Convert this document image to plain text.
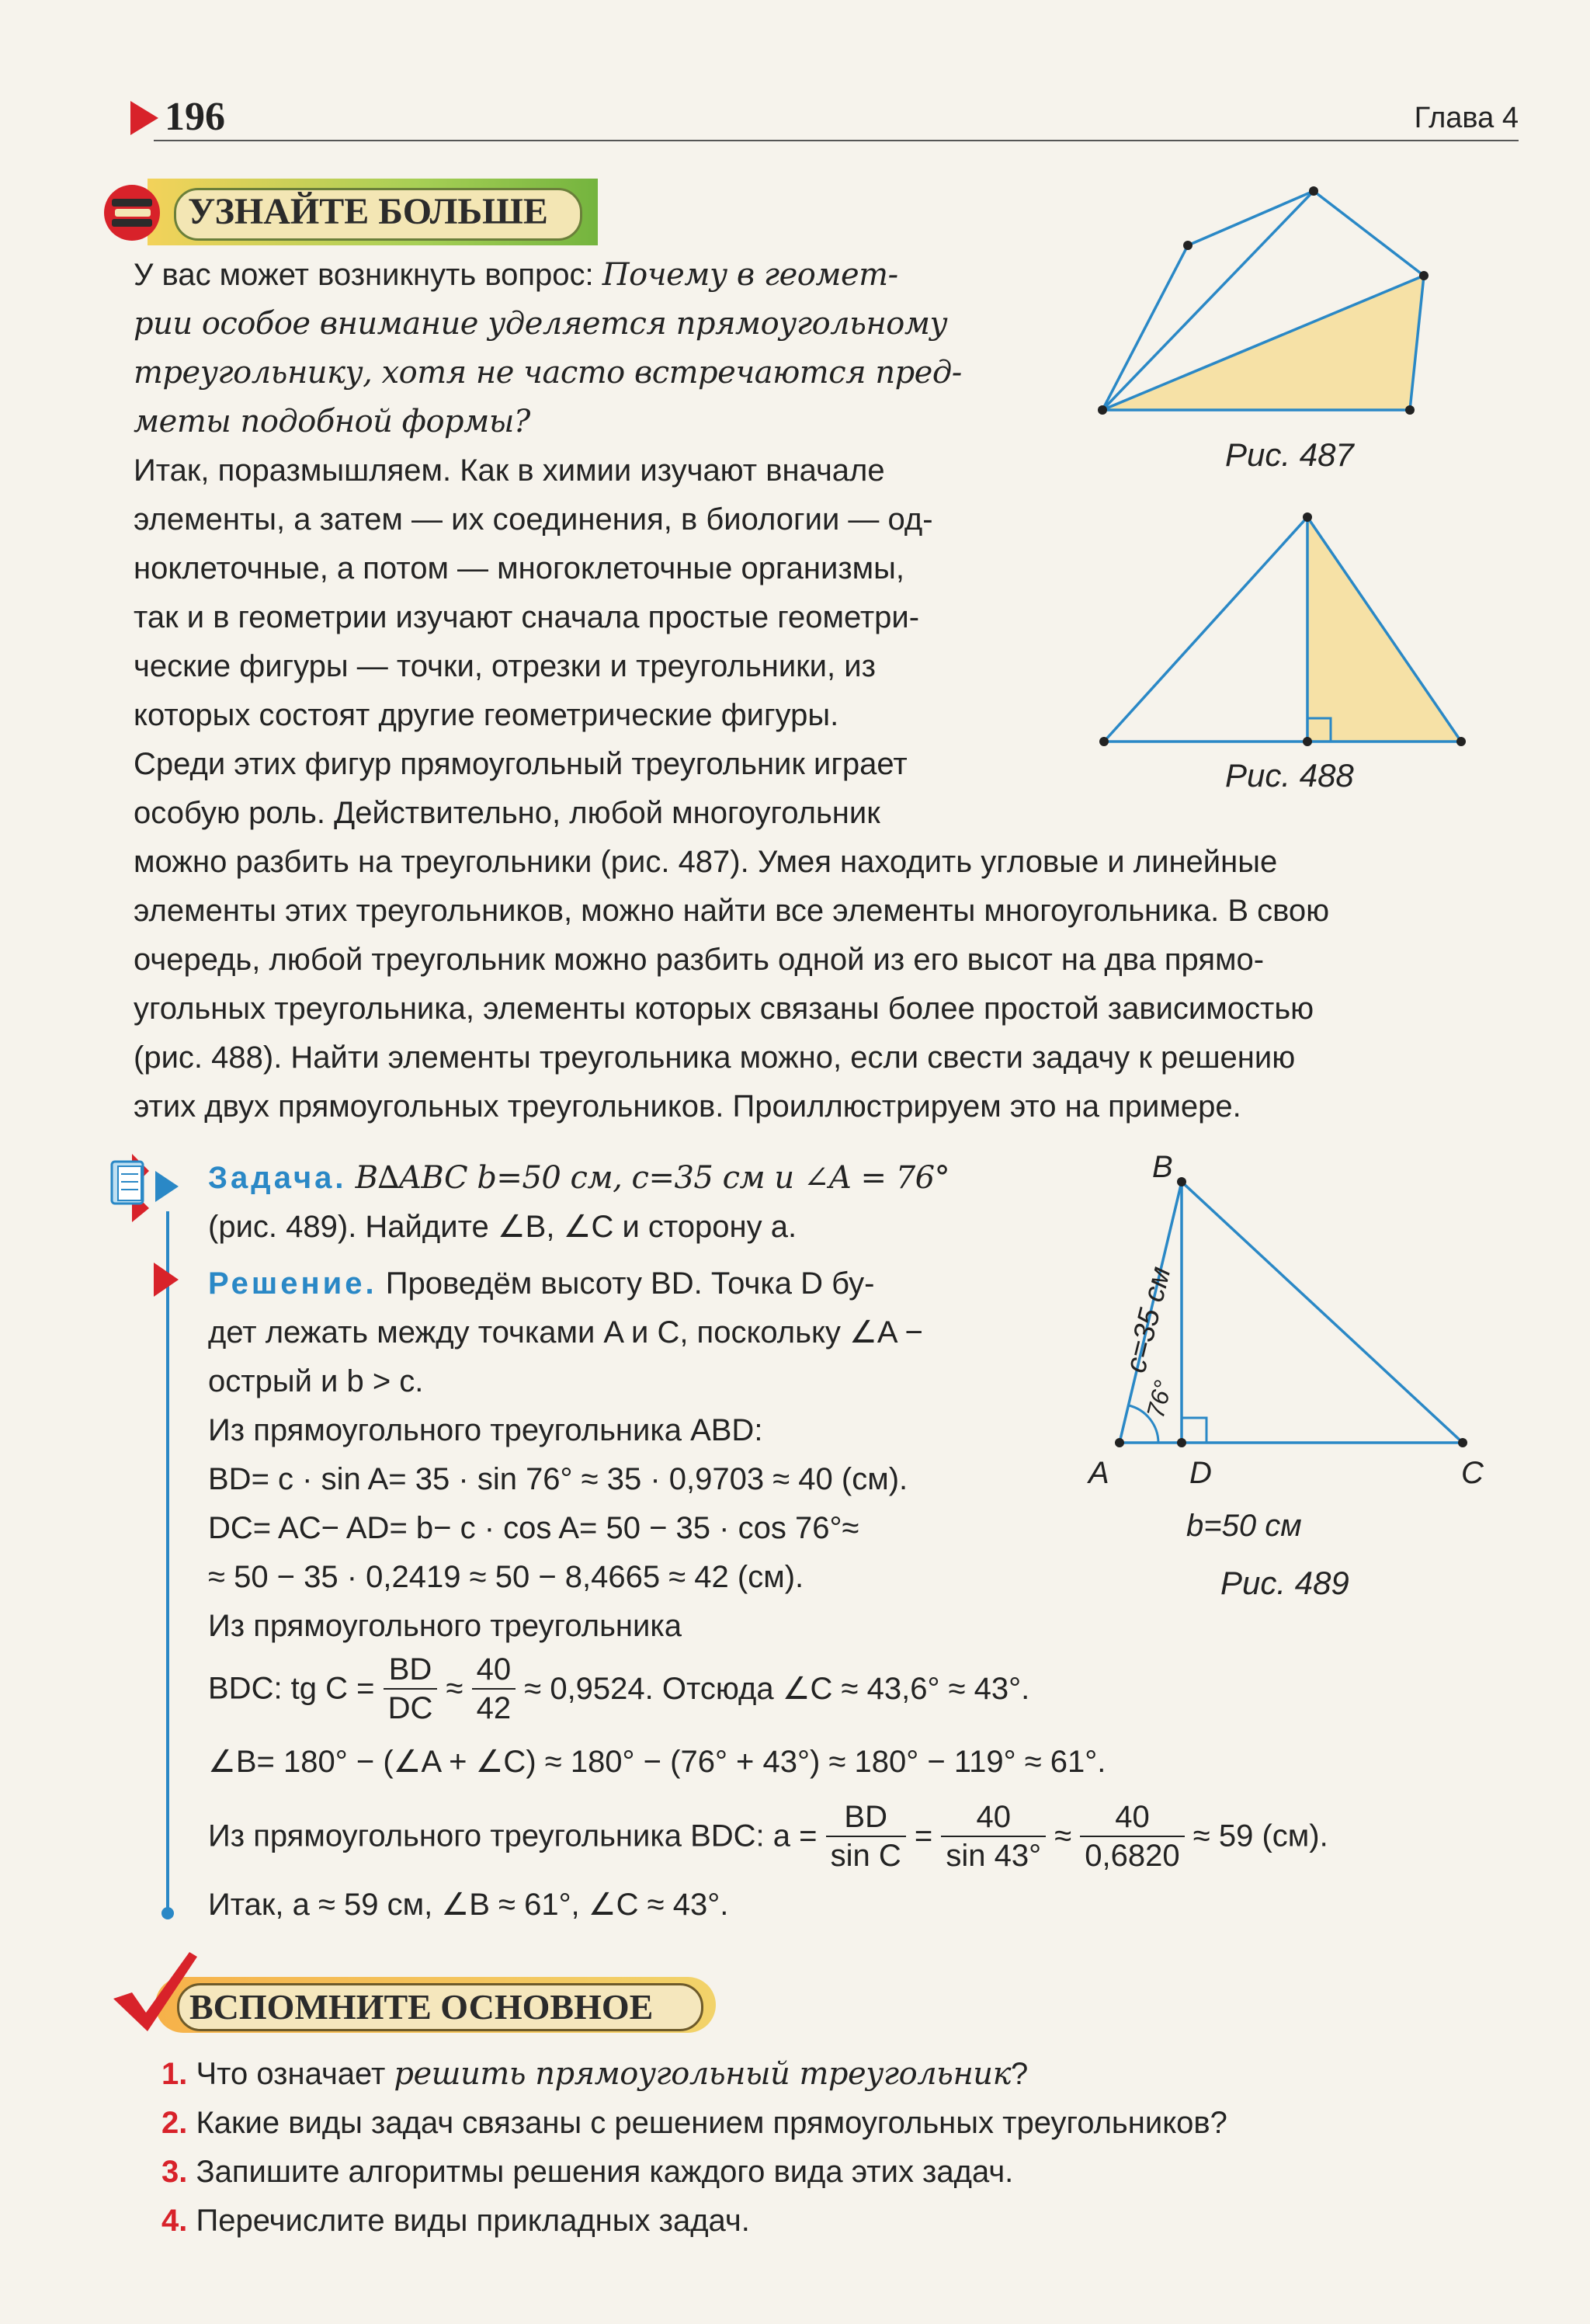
196	Глава 4
УЗНАЙТЕ БОЛЬШЕ
У вас может возникнуть вопрос: Почему в геомет-
рии особое внимание уделяется прямоугольному
треугольнику, хотя не часто встречаются пред-
меты подобной формы?
Итак, поразмышляем. Как в химии изучают вначале
элементы, а затем — их соединения, в биологии — од-
ноклеточные, а потом — многоклеточные организмы,
так и в геометрии изучают сначала простые геометри-
ческие фигуры — точки, отрезки и треугольники, из
которых состоят другие геометрические фигуры.
Среди этих фигур прямоугольный треугольник играет
особую роль. Действительно, любой многоугольник
можно разбить на треугольники (рис. 487). Умея находить угловые и линейные
элементы этих треугольников, можно найти все элементы многоугольника. В свою
очередь, любой треугольник можно разбить одной из его высот на два прямо-
угольных треугольника, элементы которых связаны более простой зависимостью
(рис. 488). Найти элементы треугольника можно, если свести задачу к решению
этих двух прямоугольных треугольников. Проиллюстрируем это на примере.
Рис. 487
Рис. 488
Задача. В∆ABC b=50 см, c=35 см и ∠A = 76°
(рис. 489). Найдите ∠B, ∠C и сторону a.
Решение. Проведём высоту BD. Точка D бу-
дет лежать между точками A и C, поскольку ∠A −
острый и b > c.
Из прямоугольного треугольника ABD:
BD= c · sin A= 35 · sin 76° ≈ 35 · 0,9703 ≈ 40 (см).
DC= AC− AD= b− c · cos A= 50 − 35 · cos 76°≈
≈ 50 − 35 · 0,2419 ≈ 50 − 8,4665 ≈ 42 (см).
Из прямоугольного треугольника
BDC: tg $C = \frac{BD}{DC} \approx \frac{40}{42} \approx 0,9524$. Отсюда ∠C ≈ 43,6° ≈ 43°.
∠B= 180° − (∠A + ∠C) ≈ 180° − (76° + 43°) ≈ 180° − 119° ≈ 61°.
Из прямоугольного треугольника BDC: $a = \frac{BD}{\text{sin C}} = \frac{40}{\sin 43^\circ} \approx \frac{40}{0,6820} \approx 59$ (см).
Итак, a ≈ 59 см, ∠B ≈ 61°, ∠C ≈ 43°.
A
B
C
D
c=35 см
76°
b=50 см
Рис. 489
ВСПОМНИТЕ ОСНОВНОЕ
1. Что означает решить прямоугольный треугольник?
2. Какие виды задач связаны с решением прямоугольных треугольников?
3. Запишите алгоритмы решения каждого вида этих задач.
4. Перечислите виды прикладных задач.
